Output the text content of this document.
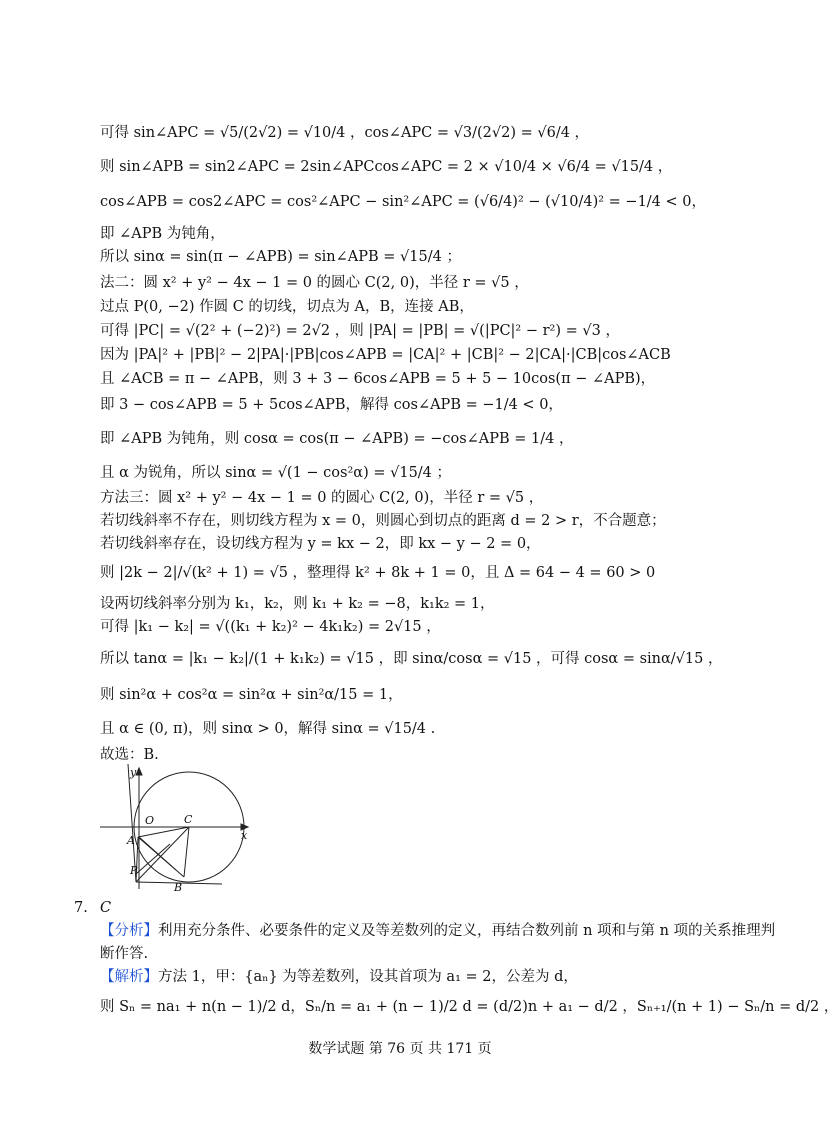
可得 sin∠APC = √5/(2√2) = √10/4 ，cos∠APC = √3/(2√2) = √6/4 ，
则 sin∠APB = sin2∠APC = 2sin∠APCcos∠APC = 2 × √10/4 × √6/4 = √15/4 ，
cos∠APB = cos2∠APC = cos²∠APC − sin²∠APC = (√6/4)² − (√10/4)² = −1/4 < 0，
即 ∠APB 为钝角，
所以 sinα = sin(π − ∠APB) = sin∠APB = √15/4 ；
法二：圆 x² + y² − 4x − 1 = 0 的圆心 C(2, 0)，半径 r = √5 ，
过点 P(0, −2) 作圆 C 的切线，切点为 A，B，连接 AB，
可得 |PC| = √(2² + (−2)²) = 2√2 ，则 |PA| = |PB| = √(|PC|² − r²) = √3 ，
因为 |PA|² + |PB|² − 2|PA|·|PB|cos∠APB = |CA|² + |CB|² − 2|CA|·|CB|cos∠ACB
且 ∠ACB = π − ∠APB，则 3 + 3 − 6cos∠APB = 5 + 5 − 10cos(π − ∠APB)，
即 3 − cos∠APB = 5 + 5cos∠APB，解得 cos∠APB = −1/4 < 0，
即 ∠APB 为钝角，则 cosα = cos(π − ∠APB) = −cos∠APB = 1/4 ，
且 α 为锐角，所以 sinα = √(1 − cos²α) = √15/4 ；
方法三：圆 x² + y² − 4x − 1 = 0 的圆心 C(2, 0)，半径 r = √5 ，
若切线斜率不存在，则切线方程为 x = 0，则圆心到切点的距离 d = 2 > r，不合题意；
若切线斜率存在，设切线方程为 y = kx − 2，即 kx − y − 2 = 0，
则 |2k − 2|/√(k² + 1) = √5 ，整理得 k² + 8k + 1 = 0，且 Δ = 64 − 4 = 60 > 0
设两切线斜率分别为 k₁，k₂，则 k₁ + k₂ = −8，k₁k₂ = 1，
可得 |k₁ − k₂| = √((k₁ + k₂)² − 4k₁k₂) = 2√15 ，
所以 tanα = |k₁ − k₂|/(1 + k₁k₂) = √15 ，即 sinα/cosα = √15 ，可得 cosα = sinα/√15 ，
则 sin²α + cos²α = sin²α + sin²α/15 = 1，
且 α ∈ (0, π)，则 sinα > 0，解得 sinα = √15/4 .
故选：B.
y
O	C
x
A
P
B
7. C
【分析】利用充分条件、必要条件的定义及等差数列的定义，再结合数列前 n 项和与第 n 项的关系推理判
断作答.
【解析】方法 1，甲：{aₙ} 为等差数列，设其首项为 a₁ = 2，公差为 d，
则 Sₙ = na₁ + n(n − 1)/2 d，Sₙ/n = a₁ + (n − 1)/2 d = (d/2)n + a₁ − d/2 ，Sₙ₊₁/(n + 1) − Sₙ/n = d/2 ，
数学试题 第 76 页 共 171 页
